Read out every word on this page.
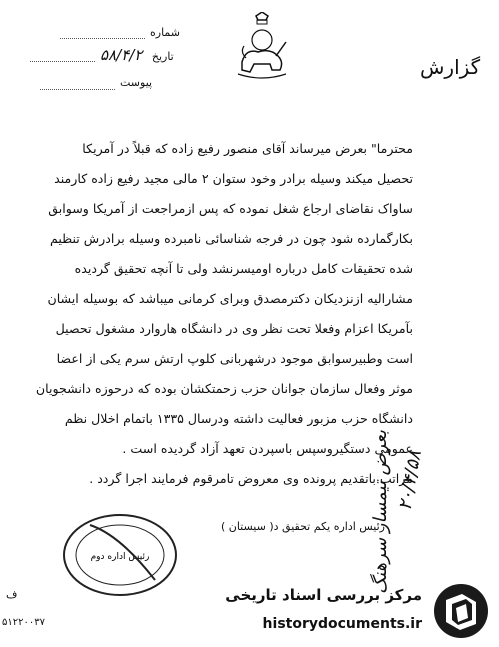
شماره
تاریخ ۵۸/۴/۲
پیوست
گزارش

محترما" بعرض میرساند آقای منصور رفیع زاده که قبلاً در آمریکا

تحصیل میکند وسیله برادر وخود ستوان ۲ مالی مجید رفیع زاده کارمند

ساواک نقاضای ارجاع شغل نموده که پس ازمراجعت از آمریکا وسوابق

بکارگمارده شود چون در فرجه شناسائی نامبرده وسیله برادرش تنظیم

شده تحقیقات کامل درباره اومیسرنشد ولی تا آنچه تحقیق گردیده

مشارالیه ازنزدیکان دکترمصدق وبرای کرمانی میباشد که بوسیله ایشان

بآمریکا اعزام وفعلا تحت نظر وی در دانشگاه هاروارد مشغول تحصیل

است وطبیرسوابق موجود درشهربانی کلوپ ارتش سرم یکی از اعضا

موثر وفعال سازمان جوانان حزب زحمتکشان بوده که درحوزه دانشجویان

دانشگاه حزب مزبور فعالیت داشته ودرسال ۱۳۳۵ باتمام اخلال نظم

عمومی دستگیروسپس باسپردن تعهد آزاد گردیده است .

مراتب باتقدیم پرونده وی معروض تامرقوم فرمایند اجرا گردد .

رئیس اداره یکم تحقیق د( سیستان )
بعرض تیمسار سرهنگ ۲۰/۴/۵۸
رئیس اداره دوم
ف
۵۱۲۲۰۰۳۷
مرکز بررسی اسناد تاریخی
historydocuments.ir
